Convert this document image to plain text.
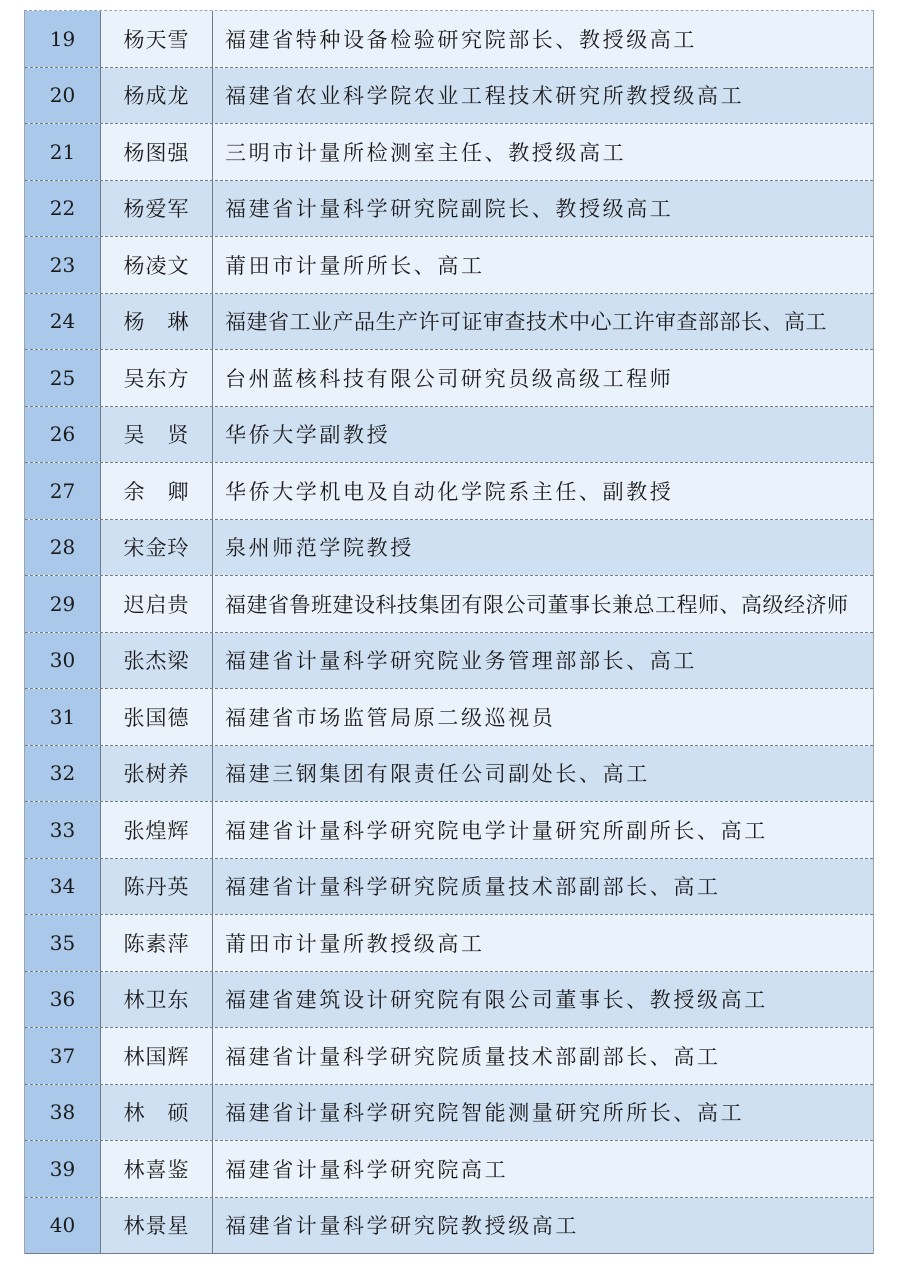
19	杨天雪	福建省特种设备检验研究院部长、教授级高工
20	杨成龙	福建省农业科学院农业工程技术研究所教授级高工
21	杨图强	三明市计量所检测室主任、教授级高工
22	杨爱军	福建省计量科学研究院副院长、教授级高工
23	杨凌文	莆田市计量所所长、高工
24	杨　琳	福建省工业产品生产许可证审查技术中心工许审查部部长、高工
25	吴东方	台州蓝核科技有限公司研究员级高级工程师
26	吴　贤	华侨大学副教授
27	余　卿	华侨大学机电及自动化学院系主任、副教授
28	宋金玲	泉州师范学院教授
29	迟启贵	福建省鲁班建设科技集团有限公司董事长兼总工程师、高级经济师
30	张杰梁	福建省计量科学研究院业务管理部部长、高工
31	张国德	福建省市场监管局原二级巡视员
32	张树养	福建三钢集团有限责任公司副处长、高工
33	张煌辉	福建省计量科学研究院电学计量研究所副所长、高工
34	陈丹英	福建省计量科学研究院质量技术部副部长、高工
35	陈素萍	莆田市计量所教授级高工
36	林卫东	福建省建筑设计研究院有限公司董事长、教授级高工
37	林国辉	福建省计量科学研究院质量技术部副部长、高工
38	林　硕	福建省计量科学研究院智能测量研究所所长、高工
39	林喜鉴	福建省计量科学研究院高工
40	林景星	福建省计量科学研究院教授级高工
